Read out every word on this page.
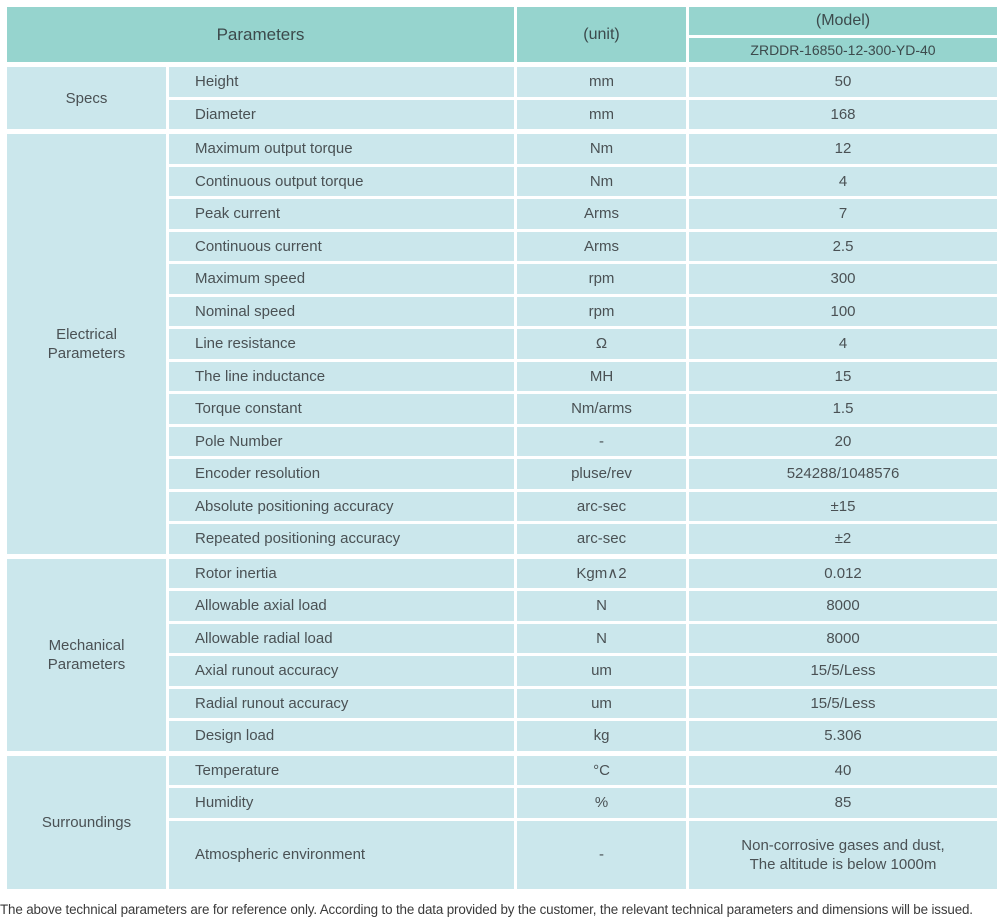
Parameters		(unit)	(Model)
			ZRDDR-16850-12-300-YD-40
Specs	Height	mm	50
	Diameter	mm	168
Electrical Parameters	Maximum output torque	Nm	12
	Continuous output torque	Nm	4
	Peak current	Arms	7
	Continuous current	Arms	2.5
	Maximum speed	rpm	300
	Nominal speed	rpm	100
	Line resistance	Ω	4
	The line inductance	MH	15
	Torque constant	Nm/arms	1.5
	Pole Number	-	20
	Encoder resolution	pluse/rev	524288/1048576
	Absolute positioning accuracy	arc-sec	±15
	Repeated positioning accuracy	arc-sec	±2
Mechanical Parameters	Rotor inertia	Kgm∧2	0.012
	Allowable axial load	N	8000
	Allowable radial load	N	8000
	Axial runout accuracy	um	15/5/Less
	Radial runout accuracy	um	15/5/Less
	Design load	kg	5.306
Surroundings	Temperature	°C	40
	Humidity	%	85
	Atmospheric environment	-	Non-corrosive gases and dust,
The altitude is below 1000m
The above technical parameters are for reference only. According to the data provided by the customer, the relevant technical parameters and dimensions will be issued.
